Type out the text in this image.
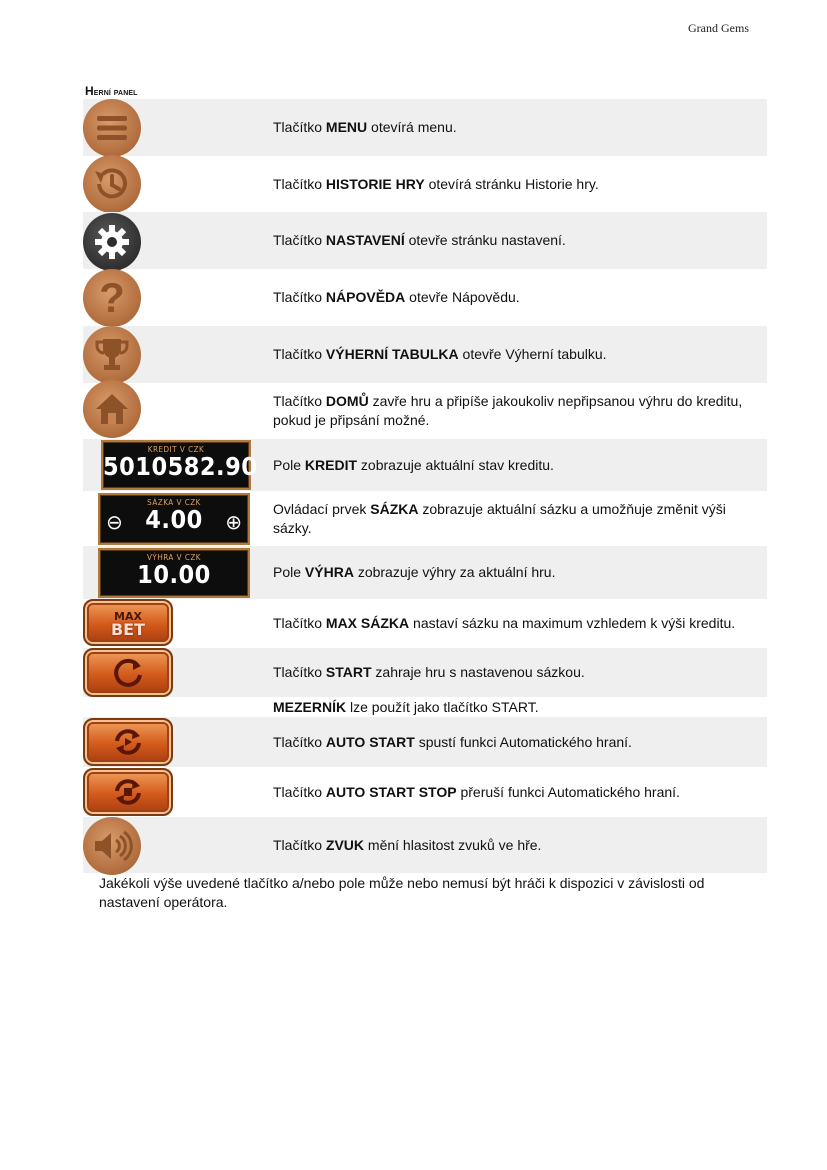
Grand Gems
Herní panel
Tlačítko MENU otevírá menu.
Tlačítko HISTORIE HRY otevírá stránku Historie hry.
Tlačítko NASTAVENÍ otevře stránku nastavení.
?	Tlačítko NÁPOVĚDA otevře Nápovědu.
Tlačítko VÝHERNÍ TABULKA otevře Výherní tabulku.
Tlačítko DOMŮ zavře hru a připíše jakoukoliv nepřipsanou výhru do kreditu, pokud je připsání možné.
KREDIT V CZK
5010582.90 Pole KREDIT zobrazuje aktuální stav kreditu.
SÁZKA V CZK
4.00
⊖	⊕
Ovládací prvek SÁZKA zobrazuje aktuální sázku a umožňuje změnit výši sázky.
VÝHRA V CZK
10.00	Pole VÝHRA zobrazuje výhry za aktuální hru.
MAX
BET	Tlačítko MAX SÁZKA nastaví sázku na maximum vzhledem k výši kreditu.
Tlačítko START zahraje hru s nastavenou sázkou.
MEZERNÍK lze použít jako tlačítko START.
Tlačítko AUTO START spustí funkci Automatického hraní.
Tlačítko AUTO START STOP přeruší funkci Automatického hraní.
Tlačítko ZVUK mění hlasitost zvuků ve hře.
Jakékoli výše uvedené tlačítko a/nebo pole může nebo nemusí být hráči k dispozici v závislosti od nastavení operátora.
